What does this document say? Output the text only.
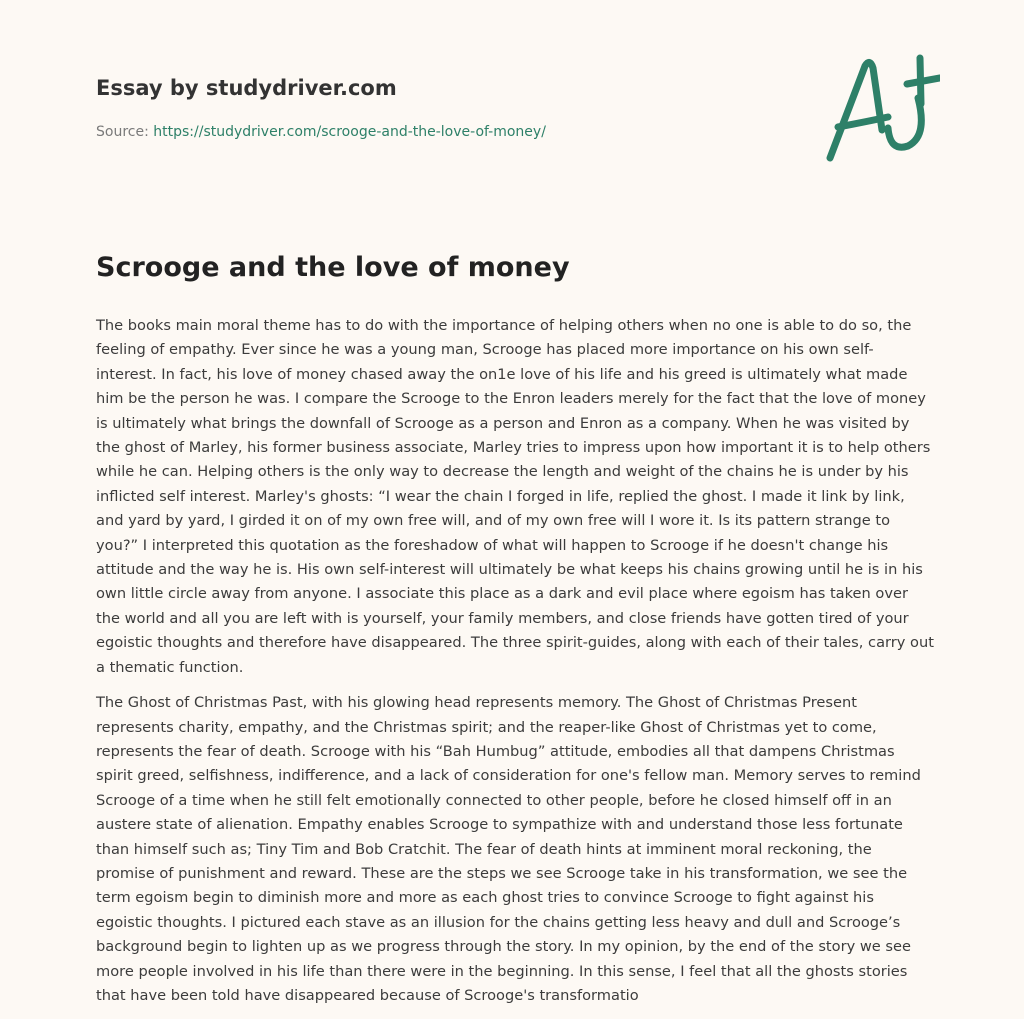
Essay by studydriver.com
Source: https://studydriver.com/scrooge-and-the-love-of-money/
Scrooge and the love of money

The books main moral theme has to do with the importance of helping others when no one is able to do so, the feeling of empathy. Ever since he was a young man, Scrooge has placed more importance on his own self-interest. In fact, his love of money chased away the on1e love of his life and his greed is ultimately what made him be the person he was. I compare the Scrooge to the Enron leaders merely for the fact that the love of money is ultimately what brings the downfall of Scrooge as a person and Enron as a company. When he was visited by the ghost of Marley, his former business associate, Marley tries to impress upon how important it is to help others while he can. Helping others is the only way to decrease the length and weight of the chains he is under by his inflicted self interest. Marley's ghosts: “I wear the chain I forged in life, replied the ghost. I made it link by link, and yard by yard, I girded it on of my own free will, and of my own free will I wore it. Is its pattern strange to you?” I interpreted this quotation as the foreshadow of what will happen to Scrooge if he doesn't change his attitude and the way he is. His own self-interest will ultimately be what keeps his chains growing until he is in his own little circle away from anyone. I associate this place as a dark and evil place where egoism has taken over the world and all you are left with is yourself, your family members, and close friends have gotten tired of your egoistic thoughts and therefore have disappeared. The three spirit-guides, along with each of their tales, carry out a thematic function.

The Ghost of Christmas Past, with his glowing head represents memory. The Ghost of Christmas Present represents charity, empathy, and the Christmas spirit; and the reaper-like Ghost of Christmas yet to come, represents the fear of death. Scrooge with his “Bah Humbug” attitude, embodies all that dampens Christmas spirit greed, selfishness, indifference, and a lack of consideration for one's fellow man. Memory serves to remind Scrooge of a time when he still felt emotionally connected to other people, before he closed himself off in an austere state of alienation. Empathy enables Scrooge to sympathize with and understand those less fortunate than himself such as; Tiny Tim and Bob Cratchit. The fear of death hints at imminent moral reckoning, the promise of punishment and reward. These are the steps we see Scrooge take in his transformation, we see the term egoism begin to diminish more and more as each ghost tries to convince Scrooge to fight against his egoistic thoughts. I pictured each stave as an illusion for the chains getting less heavy and dull and Scrooge’s background begin to lighten up as we progress through the story. In my opinion, by the end of the story we see more people involved in his life than there were in the beginning. In this sense, I feel that all the ghosts stories that have been told have disappeared because of Scrooge's transformatio
